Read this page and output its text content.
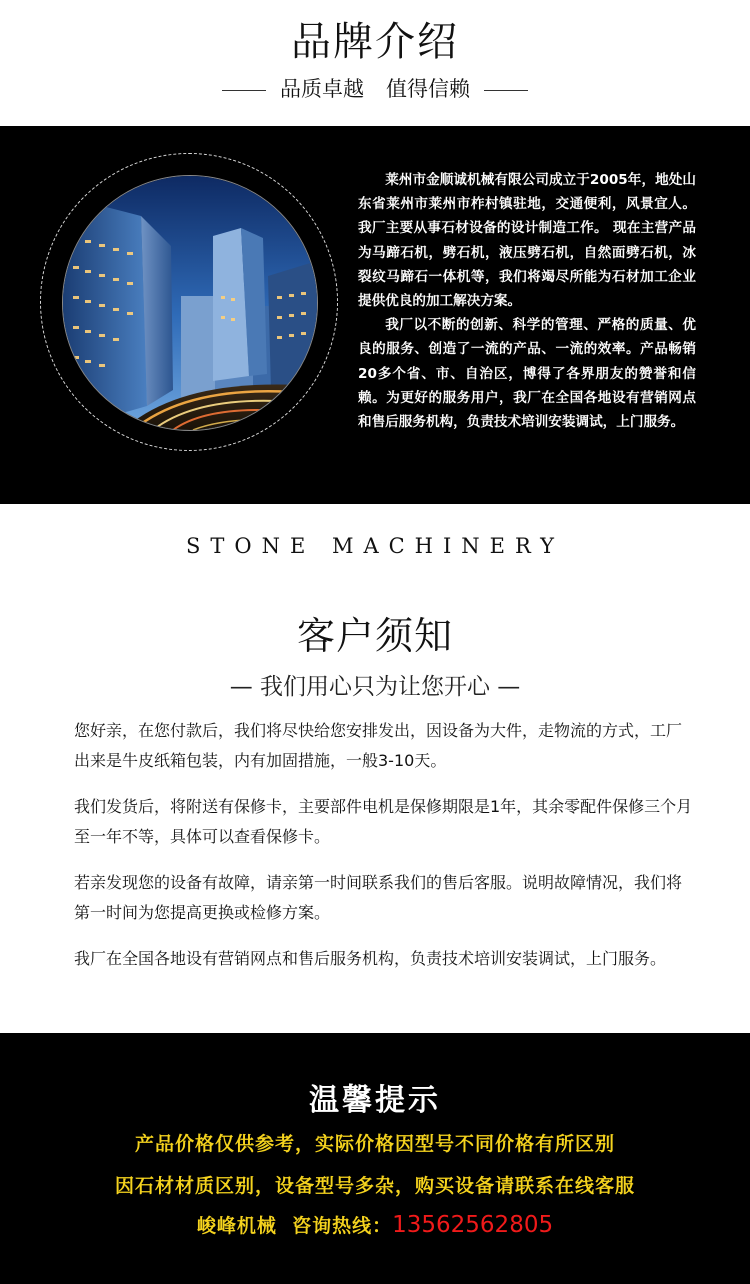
品牌介绍
品质卓越 值得信赖

莱州市金顺诚机械有限公司成立于2005年，地处山东省莱州市莱州市柞村镇驻地，交通便利，风景宜人。我厂主要从事石材设备的设计制造工作。 现在主营产品为马蹄石机，劈石机，液压劈石机，自然面劈石机，冰裂纹马蹄石一体机等，我们将竭尽所能为石材加工企业提供优良的加工解决方案。

我厂以不断的创新、科学的管理、严格的质量、优良的服务、创造了一流的产品、一流的效率。产品畅销20多个省、市、自治区，博得了各界朋友的赞誉和信赖。为更好的服务用户，我厂在全国各地设有营销网点和售后服务机构，负责技术培训安装调试，上门服务。

STONE MACHINERY
客户须知
— 我们用心只为让您开心 —

您好亲，在您付款后，我们将尽快给您安排发出，因设备为大件，走物流的方式，工厂出来是牛皮纸箱包装，内有加固措施，一般3-10天。

我们发货后，将附送有保修卡，主要部件电机是保修期限是1年，其余零配件保修三个月至一年不等，具体可以查看保修卡。

若亲发现您的设备有故障，请亲第一时间联系我们的售后客服。说明故障情况，我们将第一时间为您提高更换或检修方案。

我厂在全国各地设有营销网点和售后服务机构，负责技术培训安装调试，上门服务。

温馨提示
产品价格仅供参考，实际价格因型号不同价格有所区别
因石材材质区别，设备型号多杂，购买设备请联系在线客服
峻峰机械  咨询热线：13562562805
